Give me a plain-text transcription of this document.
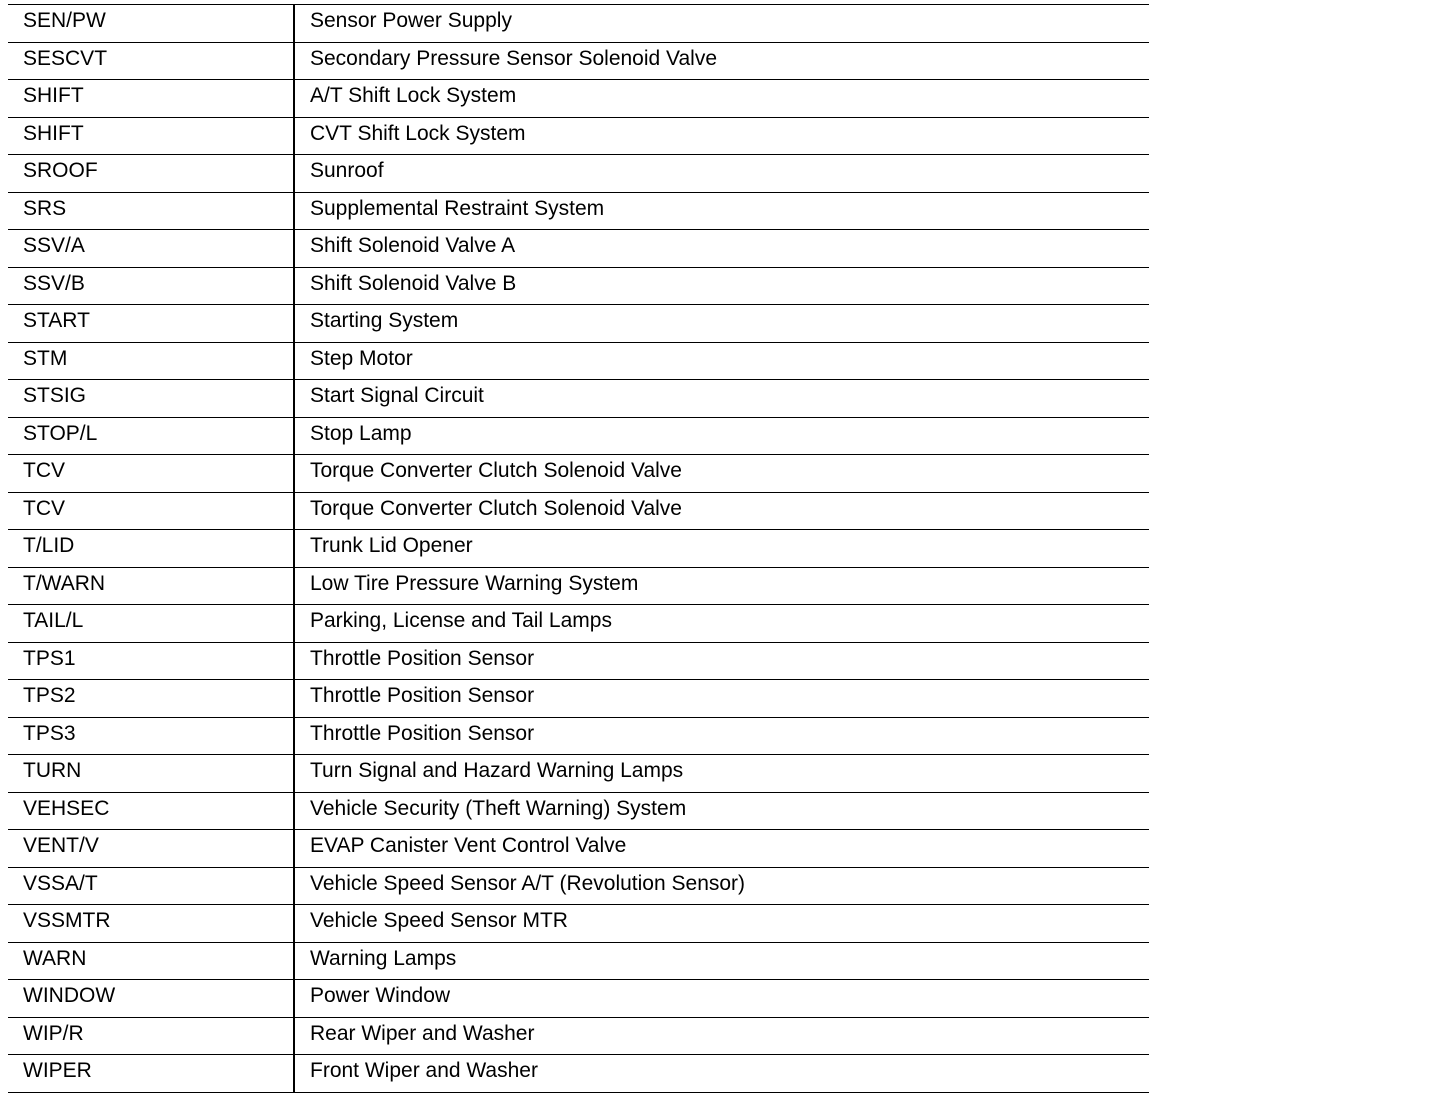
SEN/PW	Sensor Power Supply
SESCVT	Secondary Pressure Sensor Solenoid Valve
SHIFT	A/T Shift Lock System
SHIFT	CVT Shift Lock System
SROOF	Sunroof
SRS	Supplemental Restraint System
SSV/A	Shift Solenoid Valve A
SSV/B	Shift Solenoid Valve B
START	Starting System
STM	Step Motor
STSIG	Start Signal Circuit
STOP/L	Stop Lamp
TCV	Torque Converter Clutch Solenoid Valve
TCV	Torque Converter Clutch Solenoid Valve
T/LID	Trunk Lid Opener
T/WARN	Low Tire Pressure Warning System
TAIL/L	Parking, License and Tail Lamps
TPS1	Throttle Position Sensor
TPS2	Throttle Position Sensor
TPS3	Throttle Position Sensor
TURN	Turn Signal and Hazard Warning Lamps
VEHSEC	Vehicle Security (Theft Warning) System
VENT/V	EVAP Canister Vent Control Valve
VSSA/T	Vehicle Speed Sensor A/T (Revolution Sensor)
VSSMTR	Vehicle Speed Sensor MTR
WARN	Warning Lamps
WINDOW	Power Window
WIP/R	Rear Wiper and Washer
WIPER	Front Wiper and Washer
